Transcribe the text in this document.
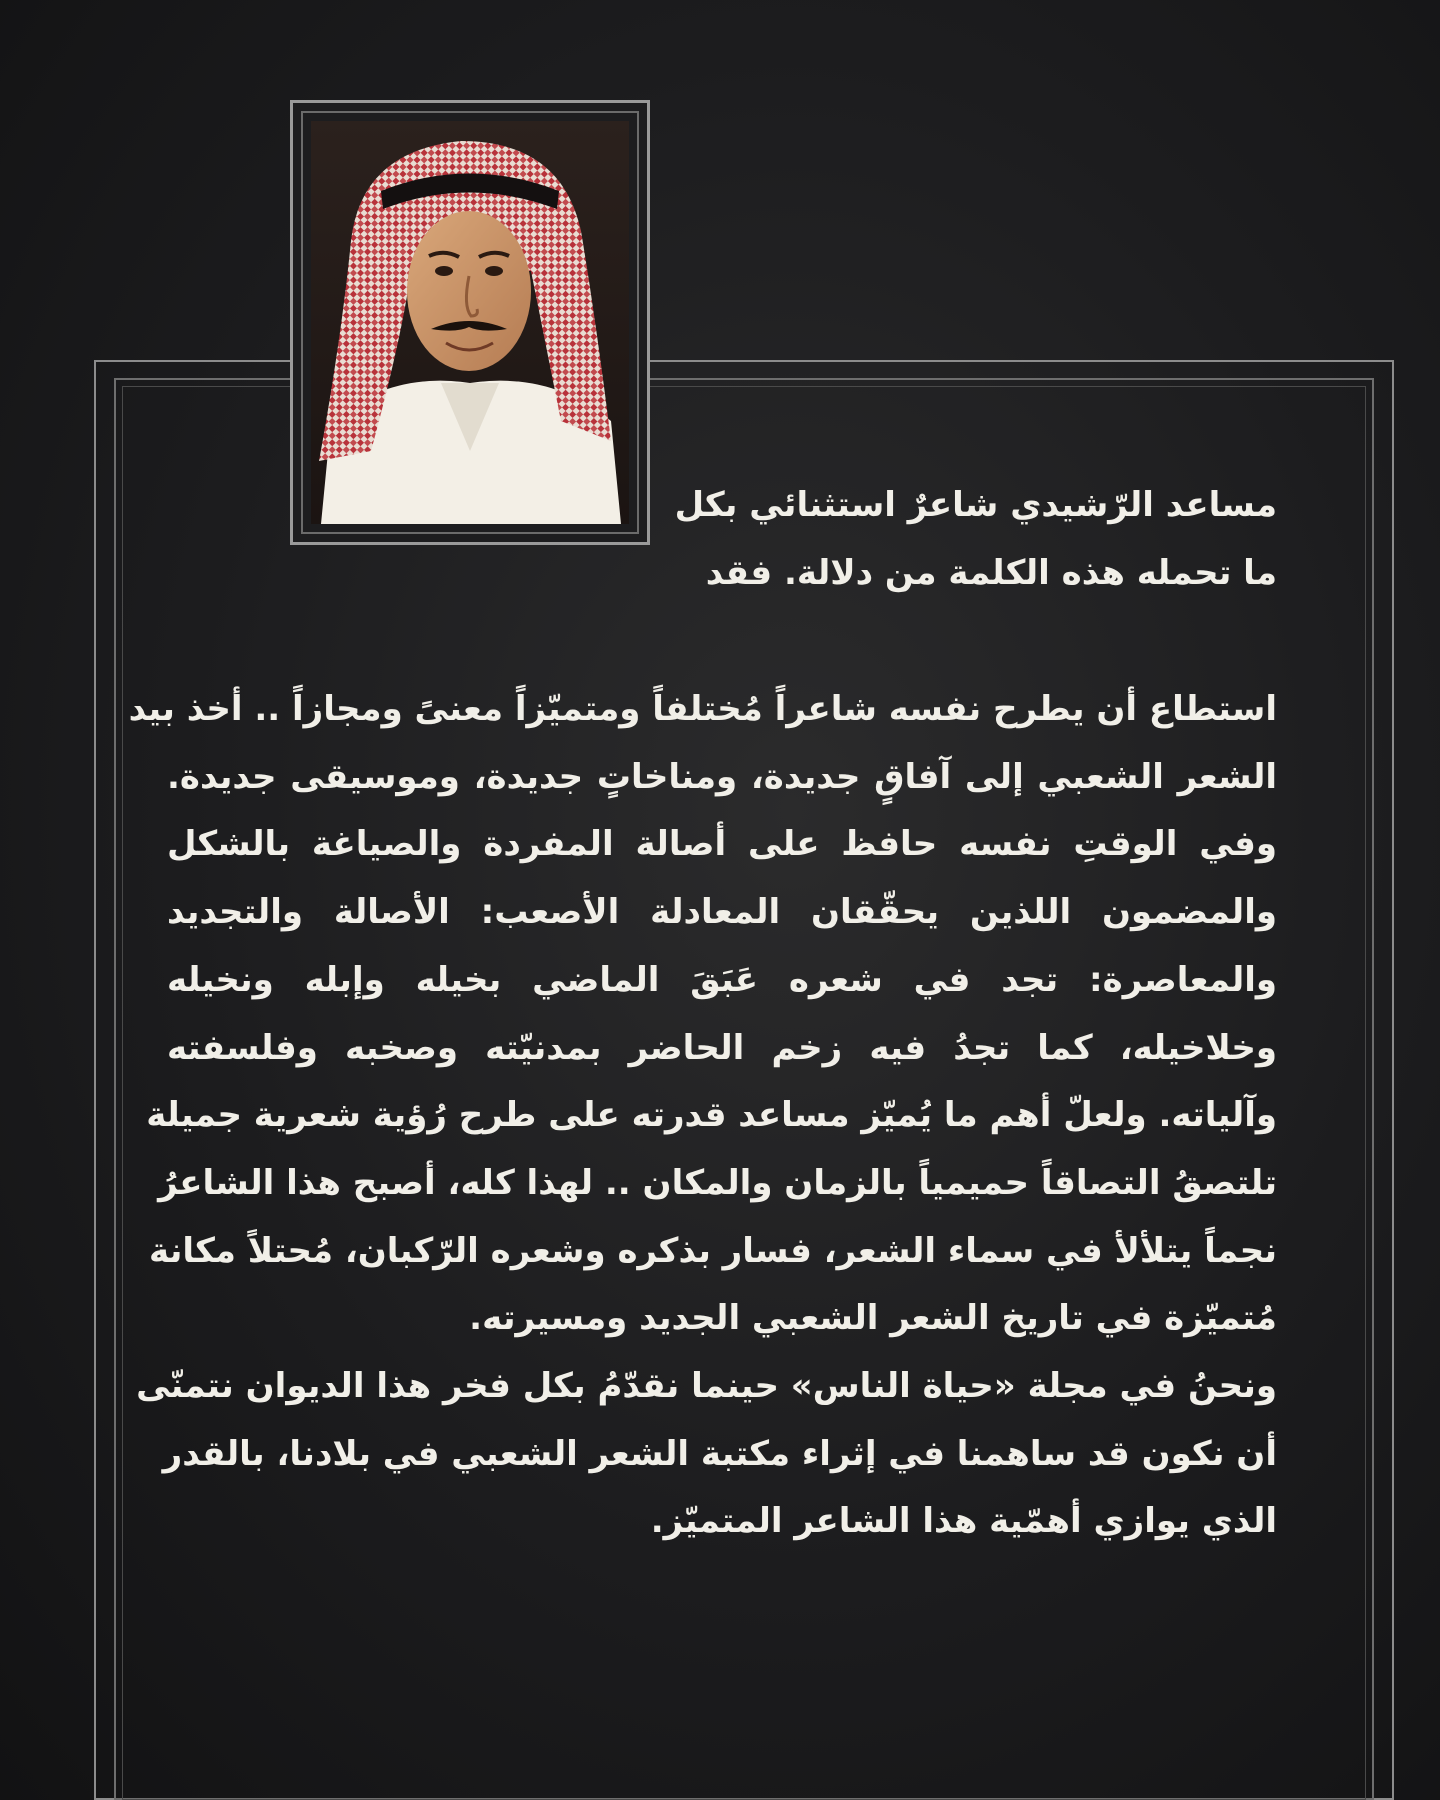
مساعد الرّشيدي شاعرٌ استثنائي بكل
ما تحمله هذه الكلمة من دلالة. فقد
استطاع أن يطرح نفسه شاعراً مُختلفاً ومتميّزاً معنىً ومجازاً .. أخذ بيد
الشعر الشعبي إلى آفاقٍ جديدة، ومناخاتٍ جديدة، وموسيقى جديدة.
وفي الوقتِ نفسه حافظ على أصالة المفردة والصياغة بالشكل
والمضمون اللذين يحقّقان المعادلة الأصعب: الأصالة والتجديد
والمعاصرة: تجد في شعره عَبَقَ الماضي بخيله وإبله ونخيله
وخلاخيله، كما تجدُ فيه زخم الحاضر بمدنيّته وصخبه وفلسفته
وآلياته. ولعلّ أهم ما يُميّز مساعد قدرته على طرح رُؤية شعرية جميلة
تلتصقُ التصاقاً حميمياً بالزمان والمكان .. لهذا كله، أصبح هذا الشاعرُ
نجماً يتلألأ في سماء الشعر، فسار بذكره وشعره الرّكبان، مُحتلاً مكانة
مُتميّزة في تاريخ الشعر الشعبي الجديد ومسيرته.
ونحنُ في مجلة «حياة الناس» حينما نقدّمُ بكل فخر هذا الديوان نتمنّى
أن نكون قد ساهمنا في إثراء مكتبة الشعر الشعبي في بلادنا، بالقدر
الذي يوازي أهمّية هذا الشاعر المتميّز.
